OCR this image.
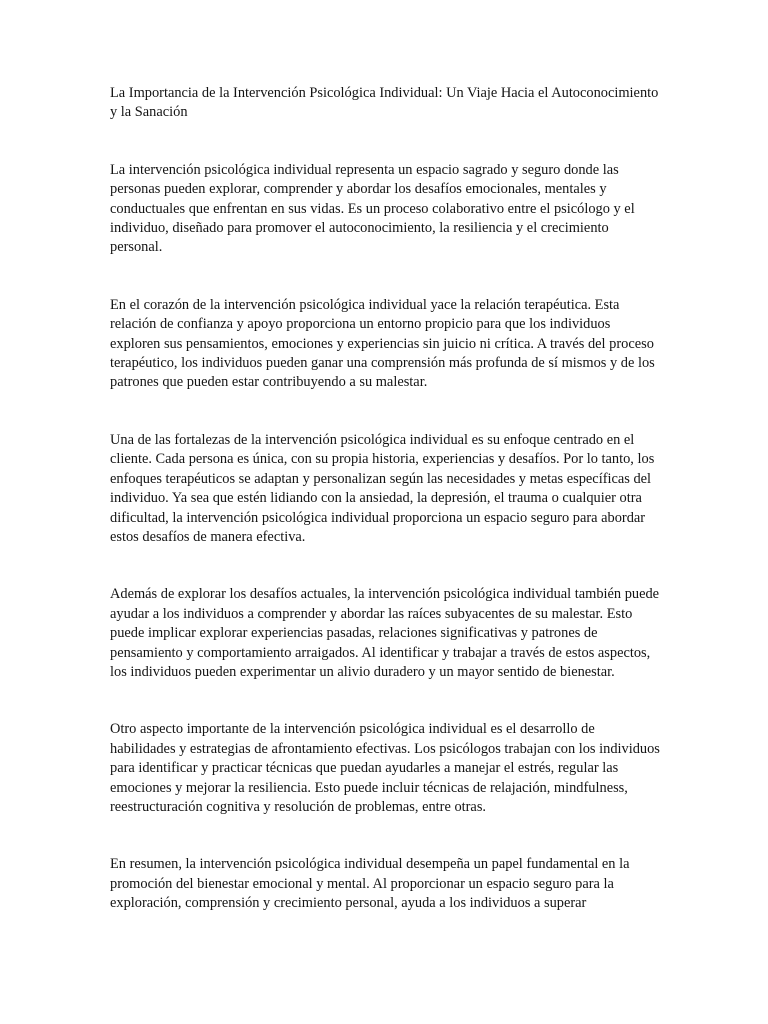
La Importancia de la Intervención Psicológica Individual: Un Viaje Hacia el Autoconocimiento y la Sanación

La intervención psicológica individual representa un espacio sagrado y seguro donde las personas pueden explorar, comprender y abordar los desafíos emocionales, mentales y conductuales que enfrentan en sus vidas. Es un proceso colaborativo entre el psicólogo y el individuo, diseñado para promover el autoconocimiento, la resiliencia y el crecimiento personal.

En el corazón de la intervención psicológica individual yace la relación terapéutica. Esta relación de confianza y apoyo proporciona un entorno propicio para que los individuos exploren sus pensamientos, emociones y experiencias sin juicio ni crítica. A través del proceso terapéutico, los individuos pueden ganar una comprensión más profunda de sí mismos y de los patrones que pueden estar contribuyendo a su malestar.

Una de las fortalezas de la intervención psicológica individual es su enfoque centrado en el cliente. Cada persona es única, con su propia historia, experiencias y desafíos. Por lo tanto, los enfoques terapéuticos se adaptan y personalizan según las necesidades y metas específicas del individuo. Ya sea que estén lidiando con la ansiedad, la depresión, el trauma o cualquier otra dificultad, la intervención psicológica individual proporciona un espacio seguro para abordar estos desafíos de manera efectiva.

Además de explorar los desafíos actuales, la intervención psicológica individual también puede ayudar a los individuos a comprender y abordar las raíces subyacentes de su malestar. Esto puede implicar explorar experiencias pasadas, relaciones significativas y patrones de pensamiento y comportamiento arraigados. Al identificar y trabajar a través de estos aspectos, los individuos pueden experimentar un alivio duradero y un mayor sentido de bienestar.

Otro aspecto importante de la intervención psicológica individual es el desarrollo de habilidades y estrategias de afrontamiento efectivas. Los psicólogos trabajan con los individuos para identificar y practicar técnicas que puedan ayudarles a manejar el estrés, regular las emociones y mejorar la resiliencia. Esto puede incluir técnicas de relajación, mindfulness, reestructuración cognitiva y resolución de problemas, entre otras.

En resumen, la intervención psicológica individual desempeña un papel fundamental en la promoción del bienestar emocional y mental. Al proporcionar un espacio seguro para la exploración, comprensión y crecimiento personal, ayuda a los individuos a superar
